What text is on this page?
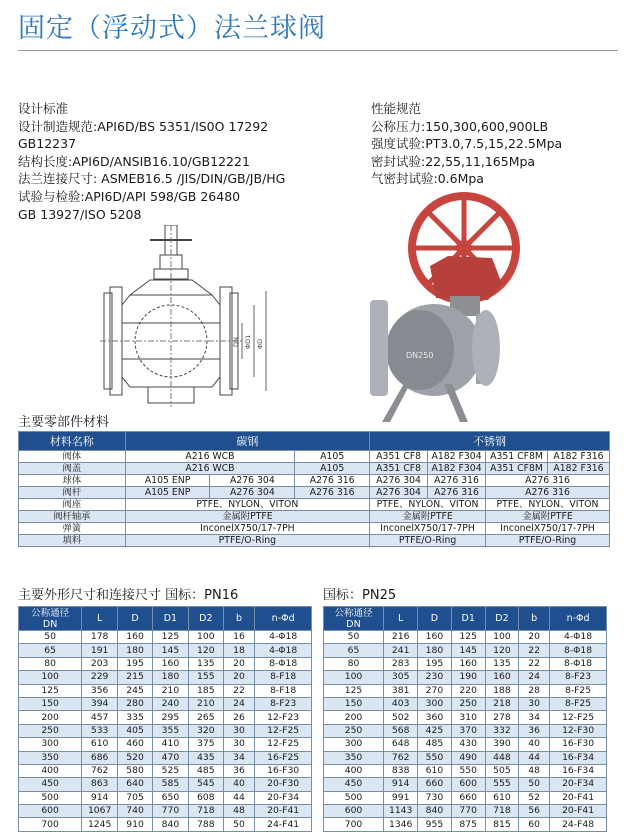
固定（浮动式）法兰球阀
设计标准
设计制造规范:API6D/BS 5351/IS0O 17292
GB12237
结构长度:API6D/ANSIB16.10/GB12221
法兰连接尺寸: ASMEB16.5 /JIS/DIN/GB/JB/HG
试验与检验:API6D/API 598/GB 26480
GB 13927/ISO 5208
性能规范
公称压力:150,300,600,900LB
强度试验:PT3.0,7.5,15,22.5Mpa
密封试验:22,55,11,165Mpa
气密封试验:0.6Mpa
DN ΦD1 ΦD
DN250
主要零部件材料
材料名称	碳钢			不锈钢			
阀体	A216 WCB		A105	A351 CF8	A182 F304	A351 CF8M	A182 F316
阀盖	A216 WCB		A105	A351 CF8	A182 F304	A351 CF8M	A182 F316
球体	A105 ENP	A276 304	A276 316	A276 304	A276 316	A276 316	
阀杆	A105 ENP	A276 304	A276 316	A276 304	A276 316	A276 316	
阀座	PTFE、NYLON、VITON			PTFE、NYLON、VITON		PTFE、NYLON、VITON	
阀杆轴承	金属附PTFE			金属附PTFE		金属附PTFE	
弹簧	InconelX750/17-7PH			InconelX750/17-7PH		InconelX750/17-7PH	
填料	PTFE/O-Ring			PTFE/O-Ring		PTFE/O-Ring	
主要外形尺寸和连接尺寸 国标：PN16	国标：PN25
公称通径
DN	L	D	D1	D2	b	n-Φd
50	178	160	125	100	16	4-Φ18
65	191	180	145	120	18	4-Φ18
80	203	195	160	135	20	8-Φ18
100	229	215	180	155	20	8-F18
125	356	245	210	185	22	8-F18
150	394	280	240	210	24	8-F23
200	457	335	295	265	26	12-F23
250	533	405	355	320	30	12-F25
300	610	460	410	375	30	12-F25
350	686	520	470	435	34	16-F25
400	762	580	525	485	36	16-F30
450	863	640	585	545	40	20-F30
500	914	705	650	608	44	20-F34
600	1067	740	770	718	48	20-F41
700	1245	910	840	788	50	24-F41
公称通径
DN	L	D	D1	D2	b	n-Φd
50	216	160	125	100	20	4-Φ18
65	241	180	145	120	22	8-Φ18
80	283	195	160	135	22	8-Φ18
100	305	230	190	160	24	8-F23
125	381	270	220	188	28	8-F25
150	403	300	250	218	30	8-F25
200	502	360	310	278	34	12-F25
250	568	425	370	332	36	12-F30
300	648	485	430	390	40	16-F30
350	762	550	490	448	44	16-F34
400	838	610	550	505	48	16-F34
450	914	660	600	555	50	20-F34
500	991	730	660	610	52	20-F41
600	1143	840	770	718	56	20-F41
700	1346	955	875	815	60	24-F48
